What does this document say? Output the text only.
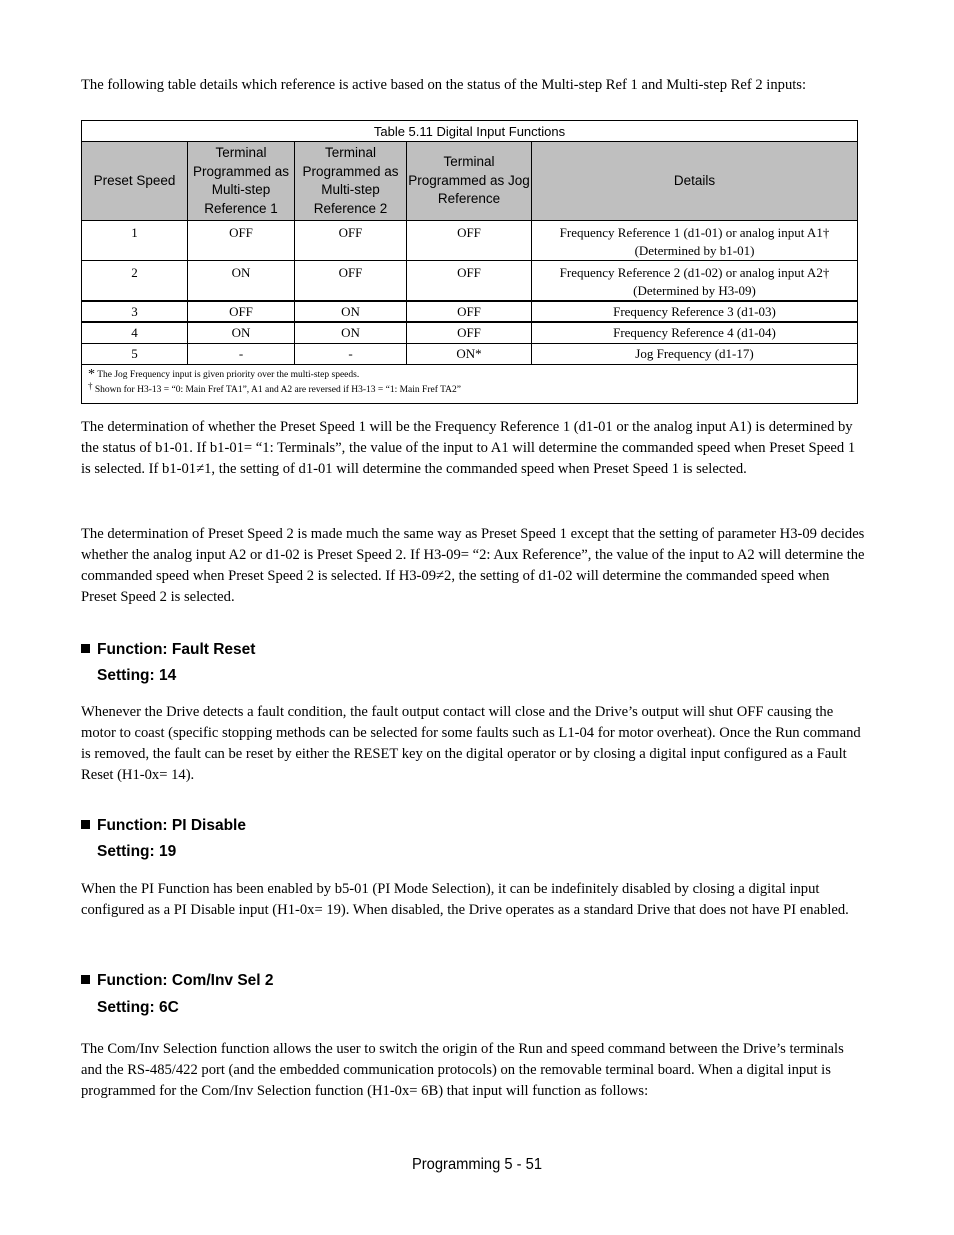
The following table details which reference is active based on the status of the Multi-step Ref 1 and Multi-step Ref 2 inputs:

Table 5.11 Digital Input Functions				
Preset Speed	Terminal Programmed as Multi-step Reference 1	Terminal Programmed as Multi-step Reference 2	Terminal Programmed as Jog Reference	Details
1	OFF	OFF	OFF	Frequency Reference 1 (d1-01) or analog input A1†
(Determined by b1-01)

2	ON	OFF	OFF	Frequency Reference 2 (d1-02) or analog input A2†
(Determined by H3-09)

3	OFF	ON	OFF	Frequency Reference 3 (d1-03)
4	ON	ON	OFF	Frequency Reference 4 (d1-04)
5	-	-	ON*	Jog Frequency (d1-17)

* The Jog Frequency input is given priority over the multi-step speeds.
† Shown for H3-13 = “0: Main Fref TA1”, A1 and A2 are reversed if H3-13 = “1: Main Fref TA2”				

The determination of whether the Preset Speed 1 will be the Frequency Reference 1 (d1-01 or the analog input A1) is determined by the status of b1-01. If b1-01= “1: Terminals”, the value of the input to A1 will determine the commanded speed when Preset Speed 1 is selected. If b1-01≠1, the setting of d1-01 will determine the commanded speed when Preset Speed 1 is selected.

The determination of Preset Speed 2 is made much the same way as Preset Speed 1 except that the setting of parameter H3-09 decides whether the analog input A2 or d1-02 is Preset Speed 2. If H3-09= “2: Aux Reference”, the value of the input to A2 will determine the commanded speed when Preset Speed 2 is selected. If H3-09≠2, the setting of d1-02 will determine the commanded speed when Preset Speed 2 is selected.

Function: Fault Reset
Setting: 14

Whenever the Drive detects a fault condition, the fault output contact will close and the Drive’s output will shut OFF causing the motor to coast (specific stopping methods can be selected for some faults such as L1-04 for motor overheat). Once the Run command is removed, the fault can be reset by either the RESET key on the digital operator or by closing a digital input configured as a Fault Reset (H1-0x= 14).

Function: PI Disable
Setting: 19

When the PI Function has been enabled by b5-01 (PI Mode Selection), it can be indefinitely disabled by closing a digital input configured as a PI Disable input (H1-0x= 19). When disabled, the Drive operates as a standard Drive that does not have PI enabled.

Function: Com/Inv Sel 2
Setting: 6C

The Com/Inv Selection function allows the user to switch the origin of the Run and speed command between the Drive’s terminals and the RS-485/422 port (and the embedded communication protocols) on the removable terminal board. When a digital input is programmed for the Com/Inv Selection function (H1-0x= 6B) that input will function as follows:

Programming 5 - 51
